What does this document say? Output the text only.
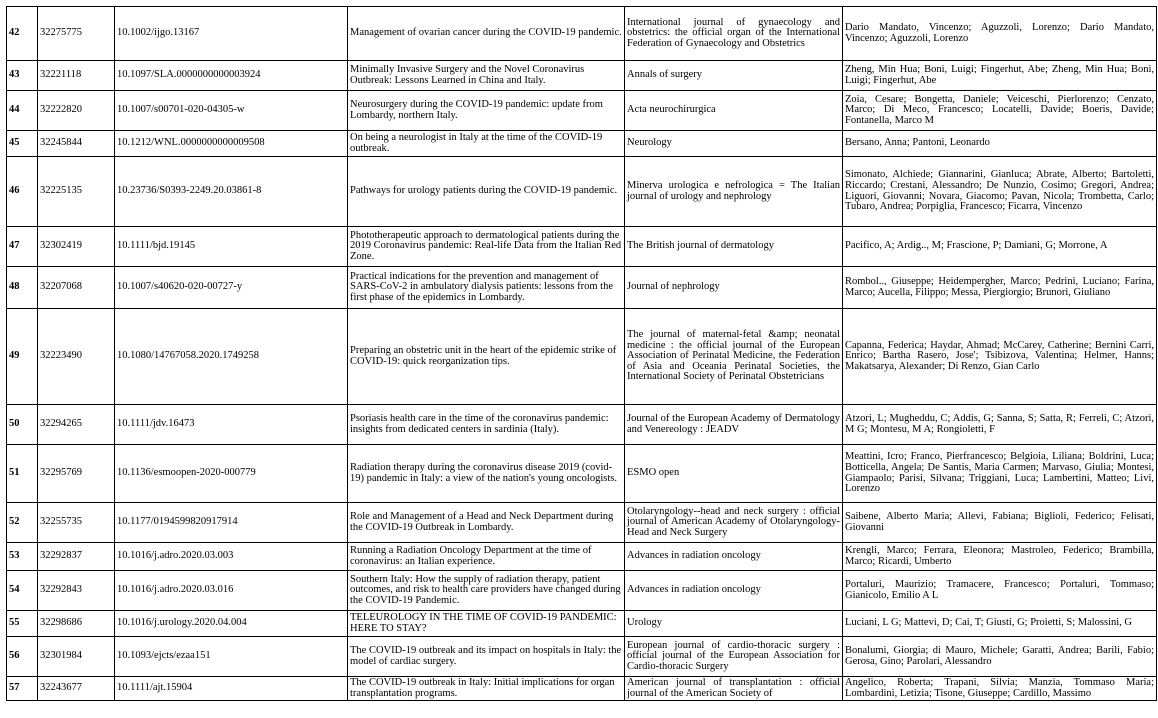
42	32275775	10.1002/ijgo.13167	Management of ovarian cancer during the COVID-19 pandemic.	International journal of gynaecology and obstetrics: the official organ of the International Federation of Gynaecology and Obstetrics	Dario Mandato, Vincenzo; Aguzzoli, Lorenzo; Dario Mandato, Vincenzo; Aguzzoli, Lorenzo
43	32221118	10.1097/SLA.0000000000003924	Minimally Invasive Surgery and the Novel Coronavirus Outbreak: Lessons Learned in China and Italy.	Annals of surgery	Zheng, Min Hua; Boni, Luigi; Fingerhut, Abe; Zheng, Min Hua; Boni, Luigi; Fingerhut, Abe
44	32222820	10.1007/s00701-020-04305-w	Neurosurgery during the COVID-19 pandemic: update from Lombardy, northern Italy.	Acta neurochirurgica	Zoia, Cesare; Bongetta, Daniele; Veiceschi, Pierlorenzo; Cenzato, Marco; Di Meco, Francesco; Locatelli, Davide; Boeris, Davide; Fontanella, Marco M
45	32245844	10.1212/WNL.0000000000009508	On being a neurologist in Italy at the time of the COVID-19 outbreak.	Neurology	Bersano, Anna; Pantoni, Leonardo
46	32225135	10.23736/S0393-2249.20.03861-8	Pathways for urology patients during the COVID-19 pandemic.	Minerva urologica e nefrologica = The Italian journal of urology and nephrology	Simonato, Alchiede; Giannarini, Gianluca; Abrate, Alberto; Bartoletti, Riccardo; Crestani, Alessandro; De Nunzio, Cosimo; Gregori, Andrea; Liguori, Giovanni; Novara, Giacomo; Pavan, Nicola; Trombetta, Carlo; Tubaro, Andrea; Porpiglia, Francesco; Ficarra, Vincenzo
47	32302419	10.1111/bjd.19145	Phototherapeutic approach to dermatological patients during the 2019 Coronavirus pandemic: Real-life Data from the Italian Red Zone.	The British journal of dermatology	Pacifico, A; Ardig.., M; Frascione, P; Damiani, G; Morrone, A
48	32207068	10.1007/s40620-020-00727-y	Practical indications for the prevention and management of SARS-CoV-2 in ambulatory dialysis patients: lessons from the first phase of the epidemics in Lombardy.	Journal of nephrology	Rombol.., Giuseppe; Heidempergher, Marco; Pedrini, Luciano; Farina, Marco; Aucella, Filippo; Messa, Piergiorgio; Brunori, Giuliano
49	32223490	10.1080/14767058.2020.1749258	Preparing an obstetric unit in the heart of the epidemic strike of COVID-19: quick reorganization tips.	The journal of maternal-fetal &amp; neonatal medicine : the official journal of the European Association of Perinatal Medicine, the Federation of Asia and Oceania Perinatal Societies, the International Society of Perinatal Obstetricians	Capanna, Federica; Haydar, Ahmad; McCarey, Catherine; Bernini Carri, Enrico; Bartha Rasero, Jose'; Tsibizova, Valentina; Helmer, Hanns; Makatsarya, Alexander; Di Renzo, Gian Carlo
50	32294265	10.1111/jdv.16473	Psoriasis health care in the time of the coronavirus pandemic: insights from dedicated centers in sardinia (Italy).	Journal of the European Academy of Dermatology and Venereology : JEADV	Atzori, L; Mugheddu, C; Addis, G; Sanna, S; Satta, R; Ferreli, C; Atzori, M G; Montesu, M A; Rongioletti, F
51	32295769	10.1136/esmoopen-2020-000779	Radiation therapy during the coronavirus disease 2019 (covid-19) pandemic in Italy: a view of the nation's young oncologists.	ESMO open	Meattini, Icro; Franco, Pierfrancesco; Belgioia, Liliana; Boldrini, Luca; Botticella, Angela; De Santis, Maria Carmen; Marvaso, Giulia; Montesi, Giampaolo; Parisi, Silvana; Triggiani, Luca; Lambertini, Matteo; Livi, Lorenzo
52	32255735	10.1177/0194599820917914	Role and Management of a Head and Neck Department during the COVID-19 Outbreak in Lombardy.	Otolaryngology--head and neck surgery : official journal of American Academy of Otolaryngology-Head and Neck Surgery	Saibene, Alberto Maria; Allevi, Fabiana; Biglioli, Federico; Felisati, Giovanni
53	32292837	10.1016/j.adro.2020.03.003	Running a Radiation Oncology Department at the time of coronavirus: an Italian experience.	Advances in radiation oncology	Krengli, Marco; Ferrara, Eleonora; Mastroleo, Federico; Brambilla, Marco; Ricardi, Umberto
54	32292843	10.1016/j.adro.2020.03.016	Southern Italy: How the supply of radiation therapy, patient outcomes, and risk to health care providers have changed during the COVID-19 Pandemic.	Advances in radiation oncology	Portaluri, Maurizio; Tramacere, Francesco; Portaluri, Tommaso; Gianicolo, Emilio A L
55	32298686	10.1016/j.urology.2020.04.004	TELEUROLOGY IN THE TIME OF COVID-19 PANDEMIC: HERE TO STAY?	Urology	Luciani, L G; Mattevi, D; Cai, T; Giusti, G; Proietti, S; Malossini, G
56	32301984	10.1093/ejcts/ezaa151	The COVID-19 outbreak and its impact on hospitals in Italy: the model of cardiac surgery.	European journal of cardio-thoracic surgery : official journal of the European Association for Cardio-thoracic Surgery	Bonalumi, Giorgia; di Mauro, Michele; Garatti, Andrea; Barili, Fabio; Gerosa, Gino; Parolari, Alessandro
57	32243677	10.1111/ajt.15904	The COVID-19 outbreak in Italy: Initial implications for organ transplantation programs.	American journal of transplantation : official journal of the American Society of	Angelico, Roberta; Trapani, Silvia; Manzia, Tommaso Maria; Lombardini, Letizia; Tisone, Giuseppe; Cardillo, Massimo
